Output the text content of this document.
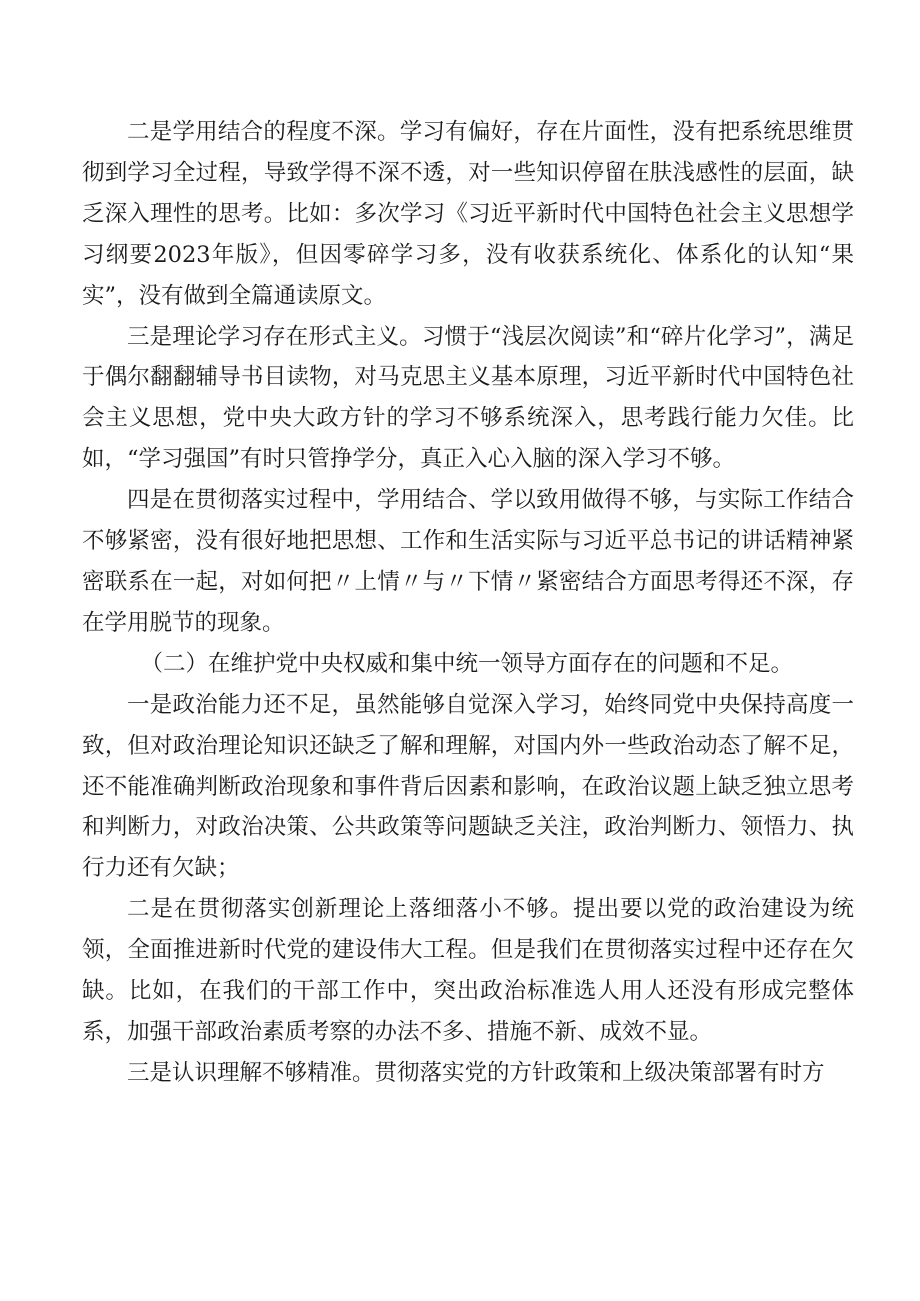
二是学用结合的程度不深。学习有偏好，存在片面性，没有把系统思维贯彻到学习全过程，导致学得不深不透，对一些知识停留在肤浅感性的层面，缺乏深入理性的思考。比如：多次学习《习近平新时代中国特色社会主义思想学习纲要2023年版》，但因零碎学习多，没有收获系统化、体系化的认知“果实”，没有做到全篇通读原文。

三是理论学习存在形式主义。习惯于“浅层次阅读”和“碎片化学习”，满足于偶尔翻翻辅导书目读物，对马克思主义基本原理，习近平新时代中国特色社会主义思想，党中央大政方针的学习不够系统深入，思考践行能力欠佳。比如，“学习强国”有时只管挣学分，真正入心入脑的深入学习不够。

四是在贯彻落实过程中，学用结合、学以致用做得不够，与实际工作结合不够紧密，没有很好地把思想、工作和生活实际与习近平总书记的讲话精神紧密联系在一起，对如何把〃上情〃与〃下情〃紧密结合方面思考得还不深，存在学用脱节的现象。

（二）在维护党中央权威和集中统一领导方面存在的问题和不足。

一是政治能力还不足，虽然能够自觉深入学习，始终同党中央保持高度一致，但对政治理论知识还缺乏了解和理解，对国内外一些政治动态了解不足，还不能准确判断政治现象和事件背后因素和影响，在政治议题上缺乏独立思考和判断力，对政治决策、公共政策等问题缺乏关注，政治判断力、领悟力、执行力还有欠缺；

二是在贯彻落实创新理论上落细落小不够。提出要以党的政治建设为统领，全面推进新时代党的建设伟大工程。但是我们在贯彻落实过程中还存在欠缺。比如，在我们的干部工作中，突出政治标准选人用人还没有形成完整体系，加强干部政治素质考察的办法不多、措施不新、成效不显。

三是认识理解不够精准。贯彻落实党的方针政策和上级决策部署有时方
